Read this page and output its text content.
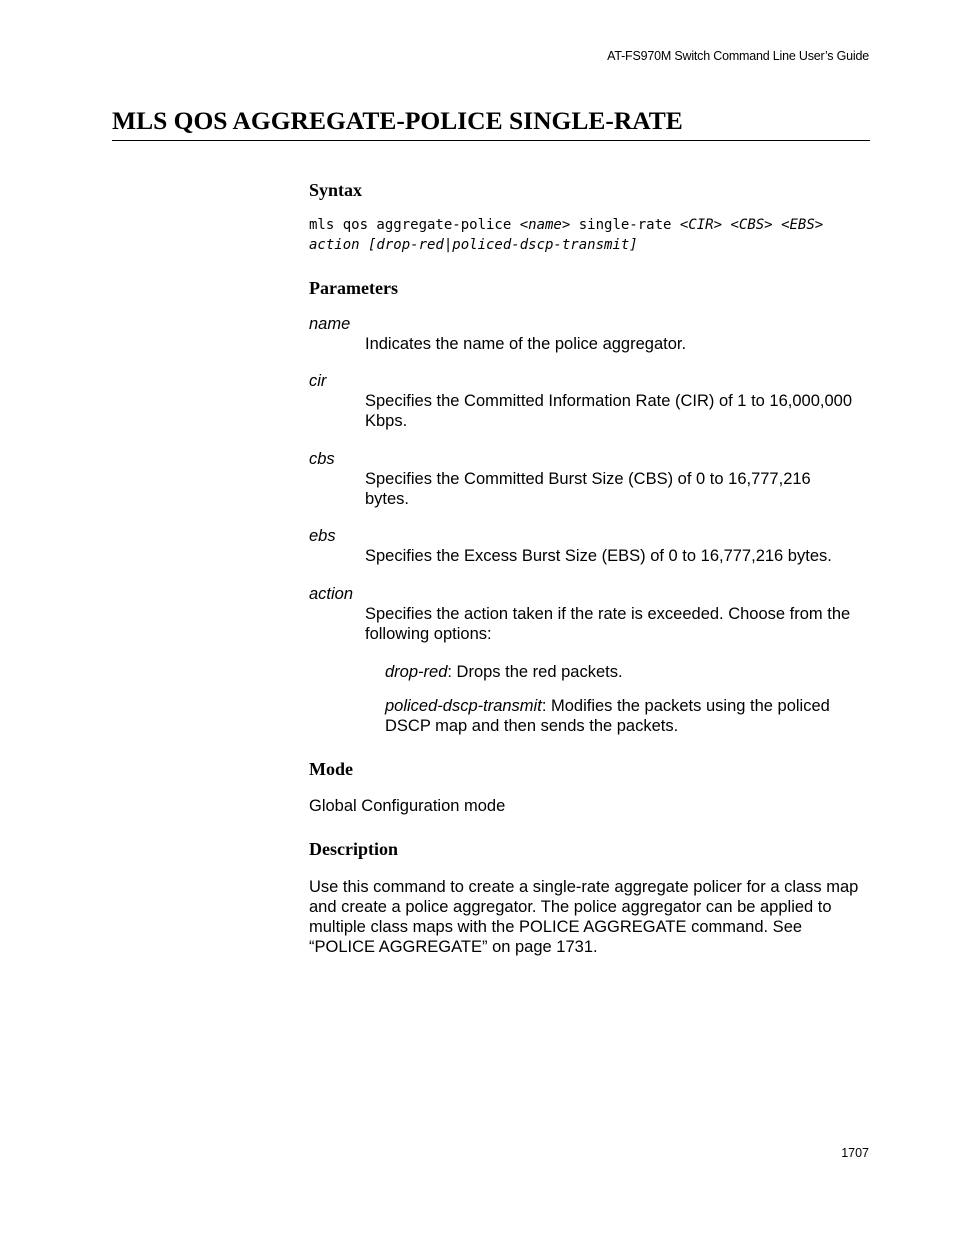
AT-FS970M Switch Command Line User’s Guide
MLS QOS AGGREGATE-POLICE SINGLE-RATE
Syntax

mls qos aggregate-police <name> single-rate <CIR> <CBS> <EBS> action [drop-red|policed-dscp-transmit]

Parameters
name
Indicates the name of the police aggregator.
cir
Specifies the Committed Information Rate (CIR) of 1 to 16,000,000 Kbps.
cbs
Specifies the Committed Burst Size (CBS) of 0 to 16,777,216 bytes.
ebs
Specifies the Excess Burst Size (EBS) of 0 to 16,777,216 bytes.
action
Specifies the action taken if the rate is exceeded. Choose from the following options:
drop-red: Drops the red packets.
policed-dscp-transmit: Modifies the packets using the policed DSCP map and then sends the packets.
Mode
Global Configuration mode
Description
Use this command to create a single-rate aggregate policer for a class map and create a police aggregator. The police aggregator can be applied to multiple class maps with the POLICE AGGREGATE command. See “POLICE AGGREGATE” on page 1731.
1707
